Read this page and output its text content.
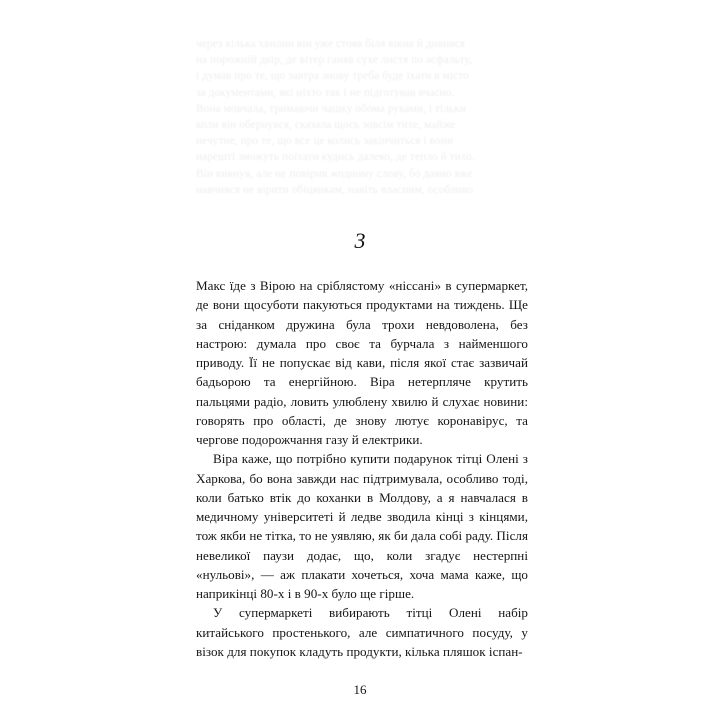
через кілька хвилин він уже стояв біля вікна й дивився

на порожній двір, де вітер ганяв сухе листя по асфальту,

і думав про те, що завтра знову треба буде їхати в місто

за документами, які ніхто так і не підготував вчасно.

Вона мовчала, тримаючи чашку обома руками, і тільки

коли він обернувся, сказала щось зовсім тихе, майже

нечутне, про те, що все це колись закінчиться і вони

нарешті зможуть поїхати кудись далеко, де тепло й тихо.

Він кивнув, але не повірив жодному слову, бо давно вже

навчився не вірити обіцянкам, навіть власним, особливо

3

Макс їде з Вірою на сріблястому «ніссані» в супермаркет, де вони щосуботи пакуються продуктами на тиждень. Ще за сніданком дружина була трохи невдоволена, без настрою: думала про своє та бурчала з найменшого приводу. Її не попускає від кави, після якої стає зазвичай бадьорою та енергійною. Віра нетерпляче крутить пальцями радіо, ловить улюблену хвилю й слухає новини: говорять про області, де знову лютує коронавірус, та чергове подорожчання газу й електрики.

Віра каже, що потрібно купити подарунок тітці Олені з Харкова, бо вона завжди нас підтримувала, особливо тоді, коли батько втік до коханки в Молдову, а я навчалася в медичному університеті й ледве зводила кінці з кінцями, тож якби не тітка, то не уявляю, як би дала собі раду. Після невеликої паузи додає, що, коли згадує нестерпні «нульові», — аж плакати хочеться, хоча мама каже, що наприкінці 80-х і в 90-х було ще гірше.

У супермаркеті вибирають тітці Олені набір китайського простенького, але симпатичного посуду, у візок для покупок кладуть продукти, кілька пляшок іспан-

16
